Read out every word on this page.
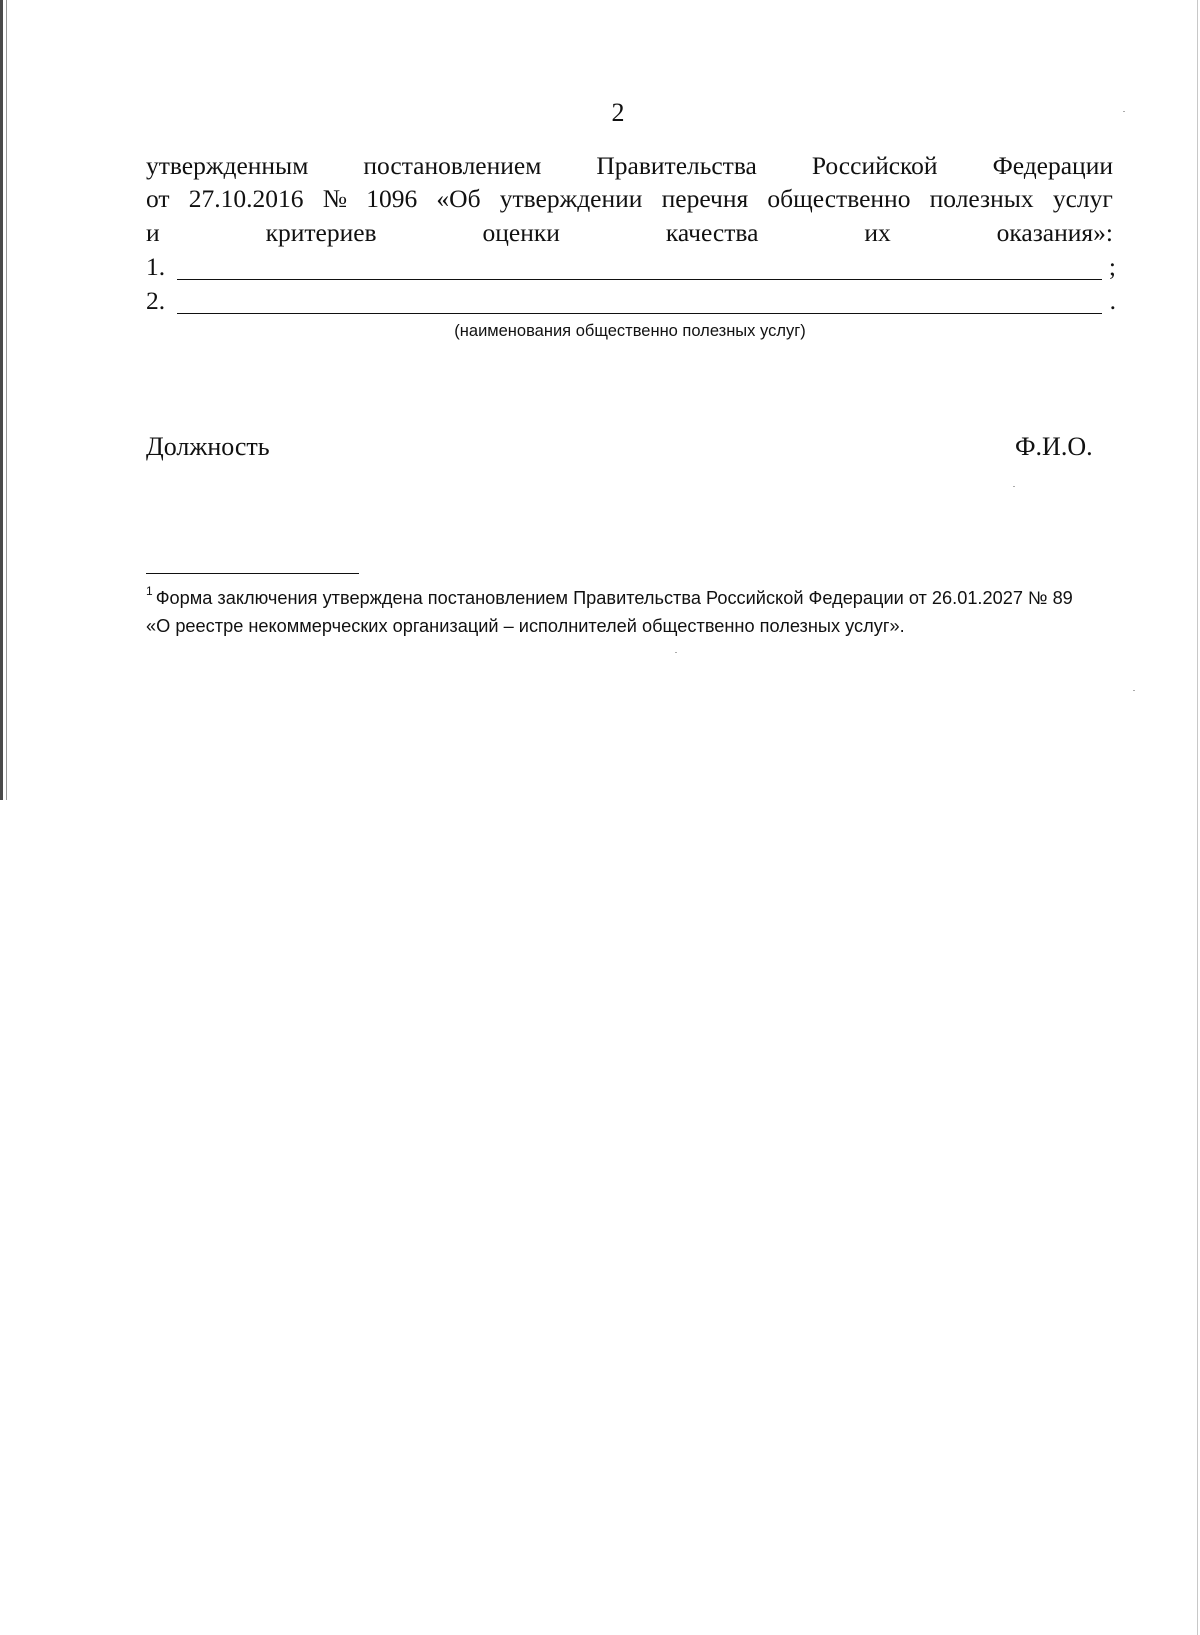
2
утвержденным постановлением Правительства Российской Федерации
от 27.10.2016 № 1096 «Об утверждении перечня общественно полезных услуг
и	критериев	оценки	качества	их	оказания»:
1.	;
2.	.
(наименования общественно полезных услуг)
Должность	Ф.И.О.
$^1$ Форма заключения утверждена постановлением Правительства Российской Федерации от 26.01.2027 № 89
«О реестре некоммерческих организаций – исполнителей общественно полезных услуг».
